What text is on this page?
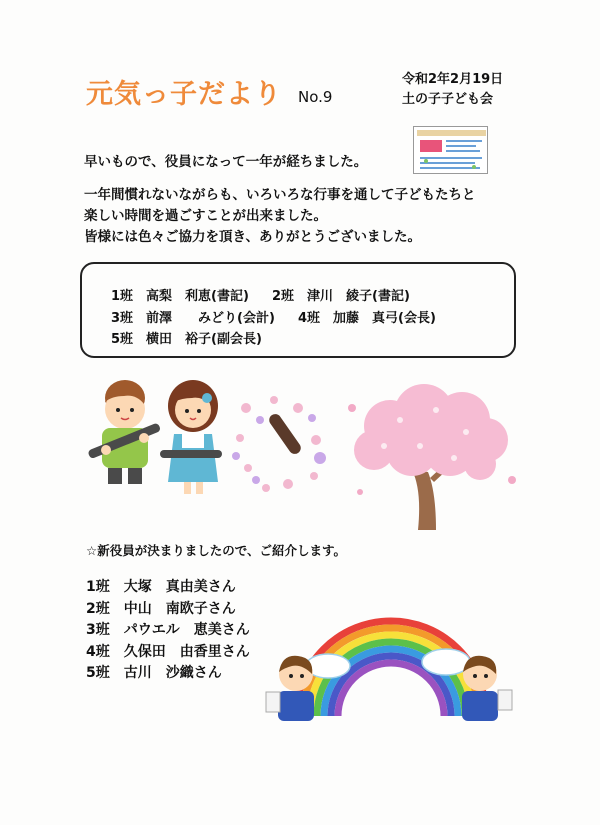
元気っ子だより No.9
令和2年2月19日
土の子子ども会
早いもので、役員になって一年が経ちました。
一年間慣れないながらも、いろいろな行事を通して子どもたちと
楽しい時間を過ごすことが出来ました。
皆様には色々ご協力を頂き、ありがとうございました。
1班　高梨　利恵(書記) 2班　津川　綾子(書記)
3班　前澤　　みどり(会計) 4班　加藤　真弓(会長)
5班　横田　裕子(副会長)
☆新役員が決まりましたので、ご紹介します。
1班　大塚　真由美さん
2班　中山　南欧子さん
3班　パウエル　恵美さん
4班　久保田　由香里さん
5班　古川　沙織さん
